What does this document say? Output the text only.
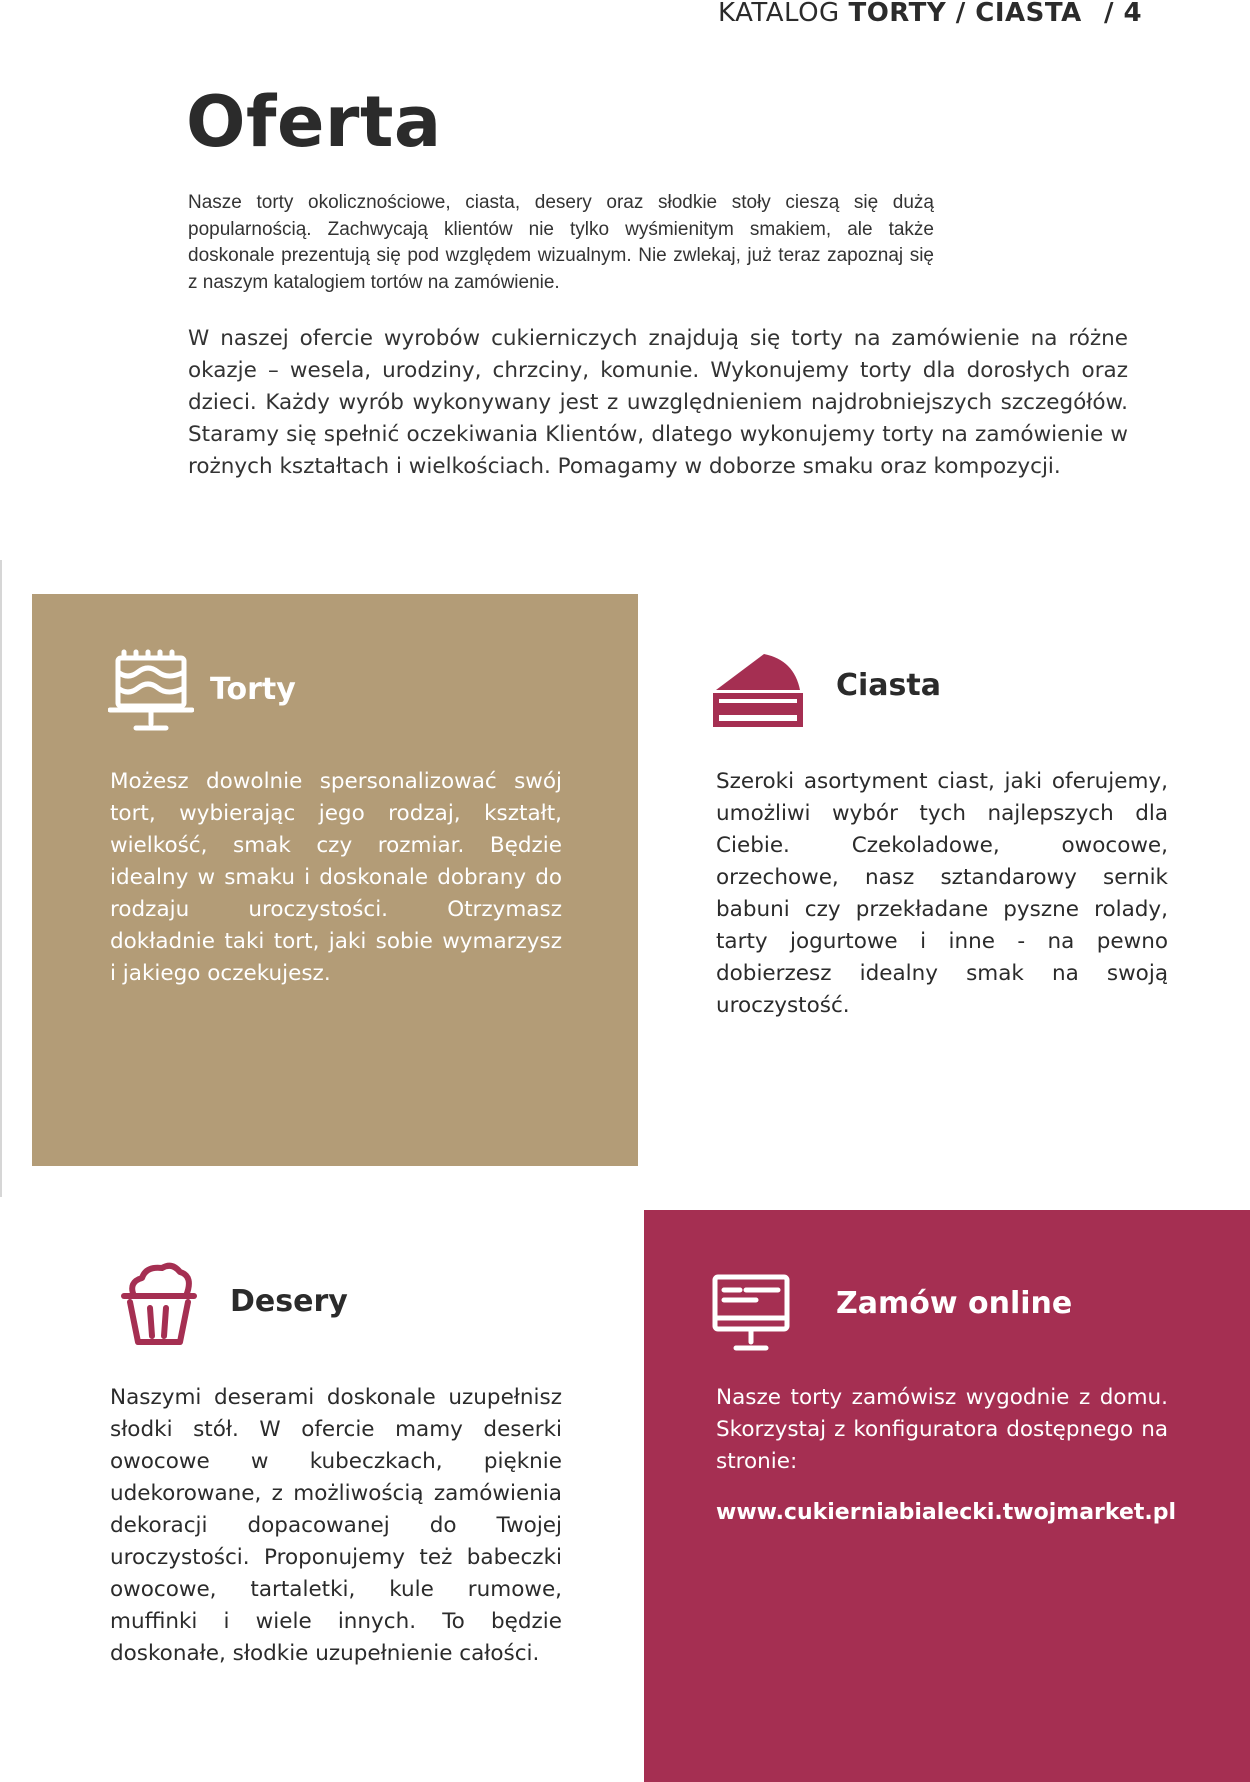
KATALOG TORTY / CIASTA / 4
Oferta

Nasze torty okolicznościowe, ciasta, desery oraz słodkie stoły cieszą się dużą popularnością. Zachwycają klientów nie tylko wyśmienitym smakiem, ale także doskonale prezentują się pod względem wizualnym. Nie zwlekaj, już teraz zapoznaj się z naszym katalogiem tortów na zamówienie.

W naszej ofercie wyrobów cukierniczych znajdują się torty na zamówienie na różne okazje – wesela, urodziny, chrzciny, komunie. Wykonujemy torty dla dorosłych oraz dzieci. Każdy wyrób wykonywany jest z uwzględnieniem najdrobniejszych szczegółów. Staramy się spełnić oczekiwania Klientów, dlatego wykonujemy torty na zamówienie w rożnych kształtach i wielkościach. Pomagamy w doborze smaku oraz kompozycji.

Torty

Możesz dowolnie spersonalizować swój tort, wybierając jego rodzaj, kształt, wielkość, smak czy rozmiar. Będzie idealny w smaku i doskonale dobrany do rodzaju uroczystości. Otrzymasz dokładnie taki tort, jaki sobie wymarzysz i jakiego oczekujesz.

Ciasta

Szeroki asortyment ciast, jaki oferujemy, umożliwi wybór tych najlepszych dla Ciebie. Czekoladowe, owocowe, orzechowe, nasz sztandarowy sernik babuni czy przekładane pyszne rolady, tarty jogurtowe i inne - na pewno dobierzesz idealny smak na swoją uroczystość.

Desery

Naszymi deserami doskonale uzupełnisz słodki stół. W ofercie mamy deserki owocowe w kubeczkach, pięknie udekorowane, z możliwością zamówienia dekoracji dopacowanej do Twojej uroczystości. Proponujemy też babeczki owocowe, tartaletki, kule rumowe, muffinki i wiele innych. To będzie doskonałe, słodkie uzupełnienie całości.

Zamów online

Nasze torty zamówisz wygodnie z domu. Skorzystaj z konfiguratora dostępnego na stronie:

www.cukierniabialecki.twojmarket.pl
